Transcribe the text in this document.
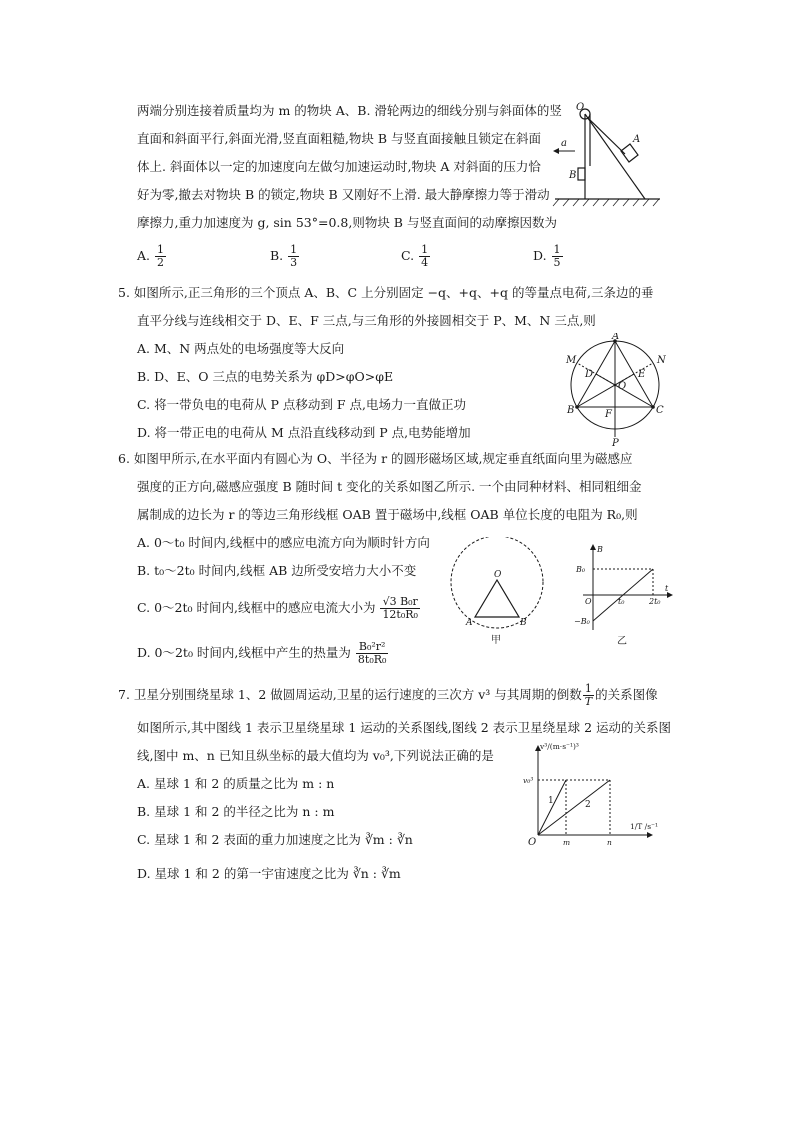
两端分别连接着质量均为 m 的物块 A、B. 滑轮两边的细线分别与斜面体的竖
直面和斜面平行,斜面光滑,竖直面粗糙,物块 B 与竖直面接触且锁定在斜面
体上. 斜面体以一定的加速度向左做匀加速运动时,物块 A 对斜面的压力恰
好为零,撤去对物块 B 的锁定,物块 B 又刚好不上滑. 最大静摩擦力等于滑动
摩擦力,重力加速度为 g, sin 53°=0.8,则物块 B 与竖直面间的动摩擦因数为
A. $\frac{1}{2}$	B. $\frac{1}{3}$	C. $\frac{1}{4}$	D. $\frac{1}{5}$
a
O
A
B
5. 如图所示,正三角形的三个顶点 A、B、C 上分别固定 −q、+q、+q 的等量点电荷,三条边的垂
直平分线与连线相交于 D、E、F 三点,与三角形的外接圆相交于 P、M、N 三点,则
A. M、N 两点处的电场强度等大反向
B. D、E、O 三点的电势关系为 φD>φO>φE
C. 将一带负电的电荷从 P 点移动到 F 点,电场力一直做正功
D. 将一带正电的电荷从 M 点沿直线移动到 P 点,电势能增加
A
B	C
D	E
F
M	N
O
P
6. 如图甲所示,在水平面内有圆心为 O、半径为 r 的圆形磁场区域,规定垂直纸面向里为磁感应
强度的正方向,磁感应强度 B 随时间 t 变化的关系如图乙所示. 一个由同种材料、相同粗细金
属制成的边长为 r 的等边三角形线框 OAB 置于磁场中,线框 OAB 单位长度的电阻为 R₀,则
A. 0～t₀ 时间内,线框中的感应电流方向为顺时针方向
B. t₀～2t₀ 时间内,线框 AB 边所受安培力大小不变
C. 0～2t₀ 时间内,线框中的感应电流大小为 $\frac{\text{√3 B₀r}}{\text{12t₀R₀}}$
D. 0～2t₀ 时间内,线框中产生的热量为 $\frac{\text{B₀²r²}}{\text{8t₀R₀}}$
O
A	B
甲
B
B₀
−B₀
O	t₀	2t₀
t
乙
7. 卫星分别围绕星球 1、2 做圆周运动,卫星的运行速度的三次方 v³ 与其周期的倒数 $\frac{1}{T}$ 的关系图像
如图所示,其中图线 1 表示卫星绕星球 1 运动的关系图线,图线 2 表示卫星绕星球 2 运动的关系图
线,图中 m、n 已知且纵坐标的最大值均为 v₀³,下列说法正确的是
A. 星球 1 和 2 的质量之比为 m : n
B. 星球 1 和 2 的半径之比为 n : m
C. 星球 1 和 2 表面的重力加速度之比为 ∛m : ∛n
D. 星球 1 和 2 的第一宇宙速度之比为 ∛n : ∛m
v³/(m·s⁻¹)³
v₀³
O	m	n
1/T /s⁻¹
1	2
